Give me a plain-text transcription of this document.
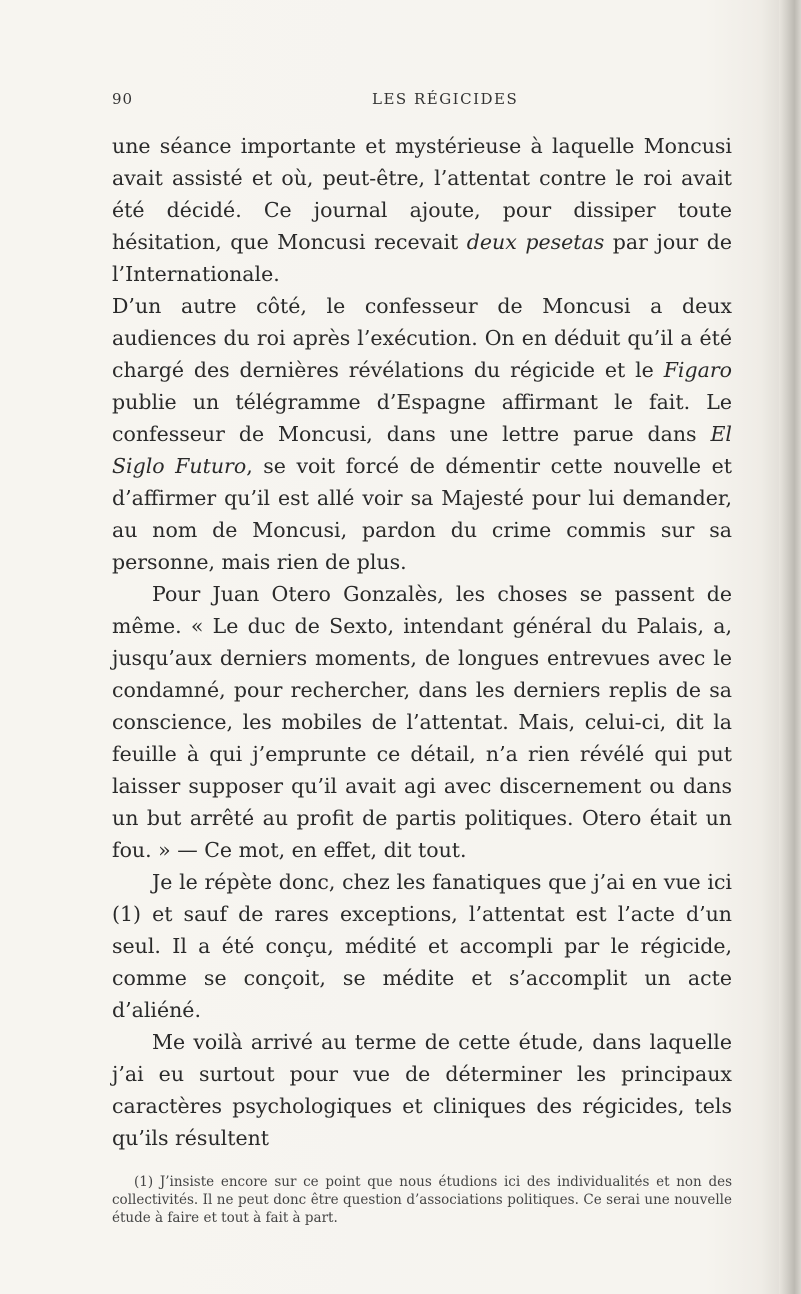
90	LES RÉGICIDES

une séance importante et mystérieuse à laquelle Moncusi avait assisté et où, peut-être, l’attentat contre le roi avait été décidé. Ce journal ajoute, pour dissiper toute hésitation, que Moncusi recevait deux pesetas par jour de l’Internationale.

D’un autre côté, le confesseur de Moncusi a deux audiences du roi après l’exécution. On en déduit qu’il a été chargé des dernières révélations du régicide et le Figaro publie un télégramme d’Espagne affirmant le fait. Le confesseur de Moncusi, dans une lettre parue dans El Siglo Futuro, se voit forcé de démentir cette nouvelle et d’affirmer qu’il est allé voir sa Majesté pour lui demander, au nom de Moncusi, pardon du crime commis sur sa personne, mais rien de plus.

Pour Juan Otero Gonzalès, les choses se passent de même. « Le duc de Sexto, intendant général du Palais, a, jusqu’aux derniers moments, de longues entrevues avec le condamné, pour rechercher, dans les derniers replis de sa conscience, les mobiles de l’attentat. Mais, celui-ci, dit la feuille à qui j’emprunte ce détail, n’a rien révélé qui put laisser supposer qu’il avait agi avec discernement ou dans un but arrêté au profit de partis politiques. Otero était un fou. » — Ce mot, en effet, dit tout.

Je le répète donc, chez les fanatiques que j’ai en vue ici (1) et sauf de rares exceptions, l’attentat est l’acte d’un seul. Il a été conçu, médité et accompli par le régicide, comme se conçoit, se médite et s’accomplit un acte d’aliéné.

Me voilà arrivé au terme de cette étude, dans laquelle j’ai eu surtout pour vue de déterminer les principaux caractères psychologiques et cliniques des régicides, tels qu’ils résultent

(1) J’insiste encore sur ce point que nous étudions ici des individualités et non des collectivités. Il ne peut donc être question d’associations politiques. Ce serai une nouvelle étude à faire et tout à fait à part.
